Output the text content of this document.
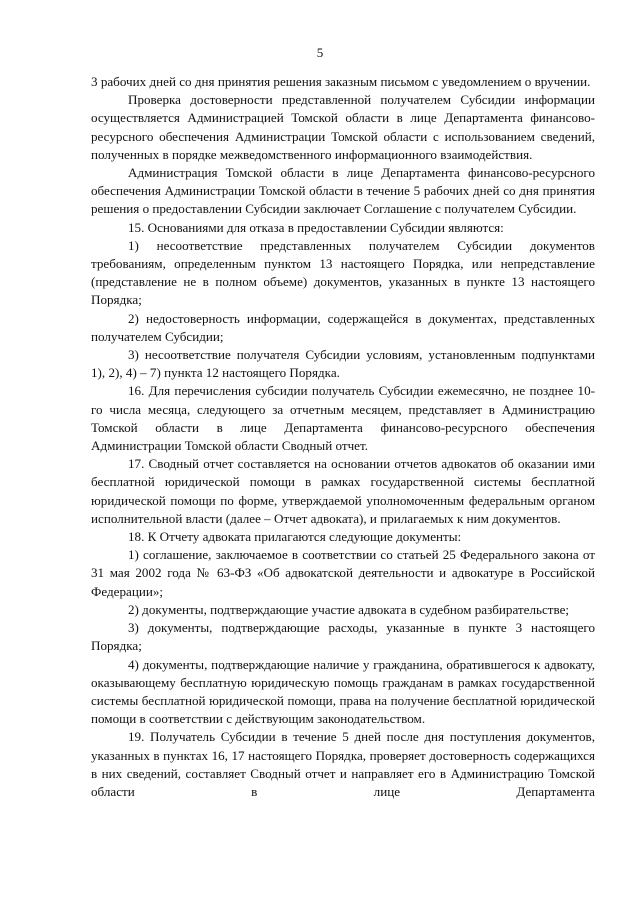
5

3 рабочих дней со дня принятия решения заказным письмом с уведомлением о вручении.

Проверка достоверности представленной получателем Субсидии информации осуществляется Администрацией Томской области в лице Департамента финансово-ресурсного обеспечения Администрации Томской области с использованием сведений, полученных в порядке межведомственного информационного взаимодействия.

Администрация Томской области в лице Департамента финансово-ресурсного обеспечения Администрации Томской области в течение 5 рабочих дней со дня принятия решения о предоставлении Субсидии заключает Соглашение с получателем Субсидии.

15. Основаниями для отказа в предоставлении Субсидии являются:

1) несоответствие представленных получателем Субсидии документов требованиям, определенным пунктом 13 настоящего Порядка, или непредставление (представление не в полном объеме) документов, указанных в пункте 13 настоящего Порядка;

2) недостоверность информации, содержащейся в документах, представленных получателем Субсидии;

3) несоответствие получателя Субсидии условиям, установленным подпунктами 1), 2), 4) – 7) пункта 12 настоящего Порядка.

16. Для перечисления субсидии получатель Субсидии ежемесячно, не позднее 10-го числа месяца, следующего за отчетным месяцем, представляет в Администрацию Томской области в лице Департамента финансово-ресурсного обеспечения Администрации Томской области Сводный отчет.

17. Сводный отчет составляется на основании отчетов адвокатов об оказании ими бесплатной юридической помощи в рамках государственной системы бесплатной юридической помощи по форме, утверждаемой уполномоченным федеральным органом исполнительной власти (далее – Отчет адвоката), и прилагаемых к ним документов.

18. К Отчету адвоката прилагаются следующие документы:

1) соглашение, заключаемое в соответствии со статьей 25 Федерального закона от 31 мая 2002 года № 63-ФЗ «Об адвокатской деятельности и адвокатуре в Российской Федерации»;

2) документы, подтверждающие участие адвоката в судебном разбирательстве;

3) документы, подтверждающие расходы, указанные в пункте 3 настоящего Порядка;

4) документы, подтверждающие наличие у гражданина, обратившегося к адвокату, оказывающему бесплатную юридическую помощь гражданам в рамках государственной системы бесплатной юридической помощи, права на получение бесплатной юридической помощи в соответствии с действующим законодательством.

19. Получатель Субсидии в течение 5 дней после дня поступления документов, указанных в пунктах 16, 17 настоящего Порядка, проверяет достоверность содержащихся в них сведений, составляет Сводный отчет и направляет его в Администрацию Томской области в лице Департамента
